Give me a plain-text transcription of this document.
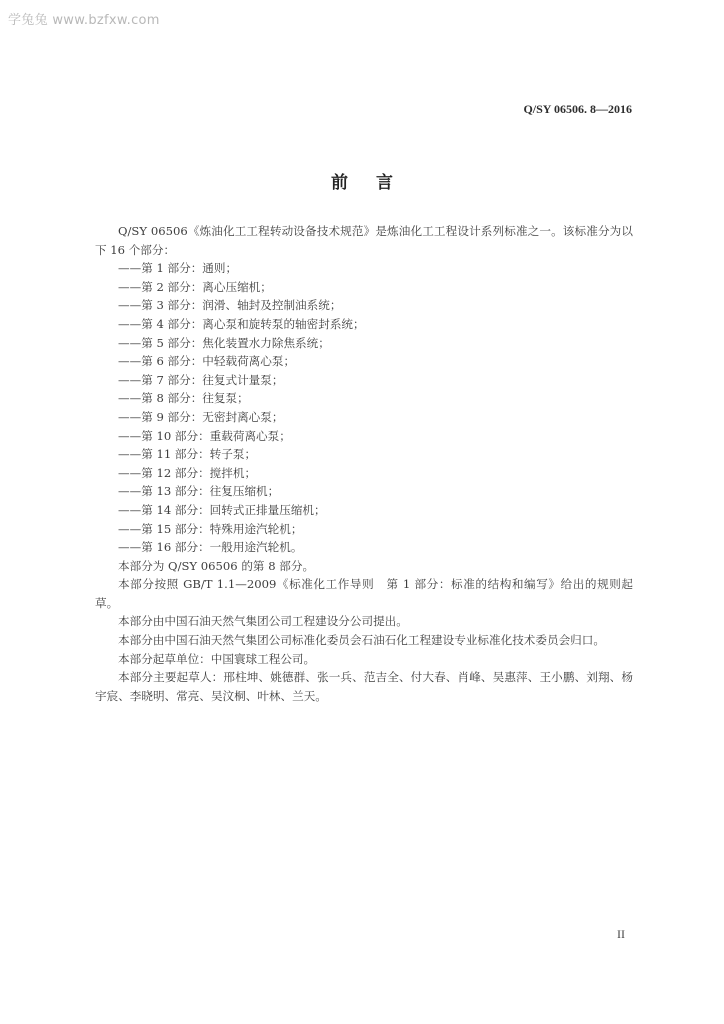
学兔兔 www.bzfxw.com
Q/SY 06506. 8—2016
前言

Q/SY 06506《炼油化工工程转动设备技术规范》是炼油化工工程设计系列标准之一。该标准分为以下 16 个部分：

——第 1 部分：通则；

——第 2 部分：离心压缩机；

——第 3 部分：润滑、轴封及控制油系统；

——第 4 部分：离心泵和旋转泵的轴密封系统；

——第 5 部分：焦化装置水力除焦系统；

——第 6 部分：中轻载荷离心泵；

——第 7 部分：往复式计量泵；

——第 8 部分：往复泵；

——第 9 部分：无密封离心泵；

——第 10 部分：重载荷离心泵；

——第 11 部分：转子泵；

——第 12 部分：搅拌机；

——第 13 部分：往复压缩机；

——第 14 部分：回转式正排量压缩机；

——第 15 部分：特殊用途汽轮机；

——第 16 部分：一般用途汽轮机。

本部分为 Q/SY 06506 的第 8 部分。

本部分按照 GB/T 1.1—2009《标准化工作导则　第 1 部分：标准的结构和编写》给出的规则起草。

本部分由中国石油天然气集团公司工程建设分公司提出。

本部分由中国石油天然气集团公司标准化委员会石油石化工程建设专业标准化技术委员会归口。

本部分起草单位：中国寰球工程公司。

本部分主要起草人：邢柱坤、姚德群、张一兵、范吉全、付大春、肖峰、吴惠萍、王小鹏、刘翔、杨宇宸、李晓明、常亮、吴汶桐、叶林、兰天。

II
